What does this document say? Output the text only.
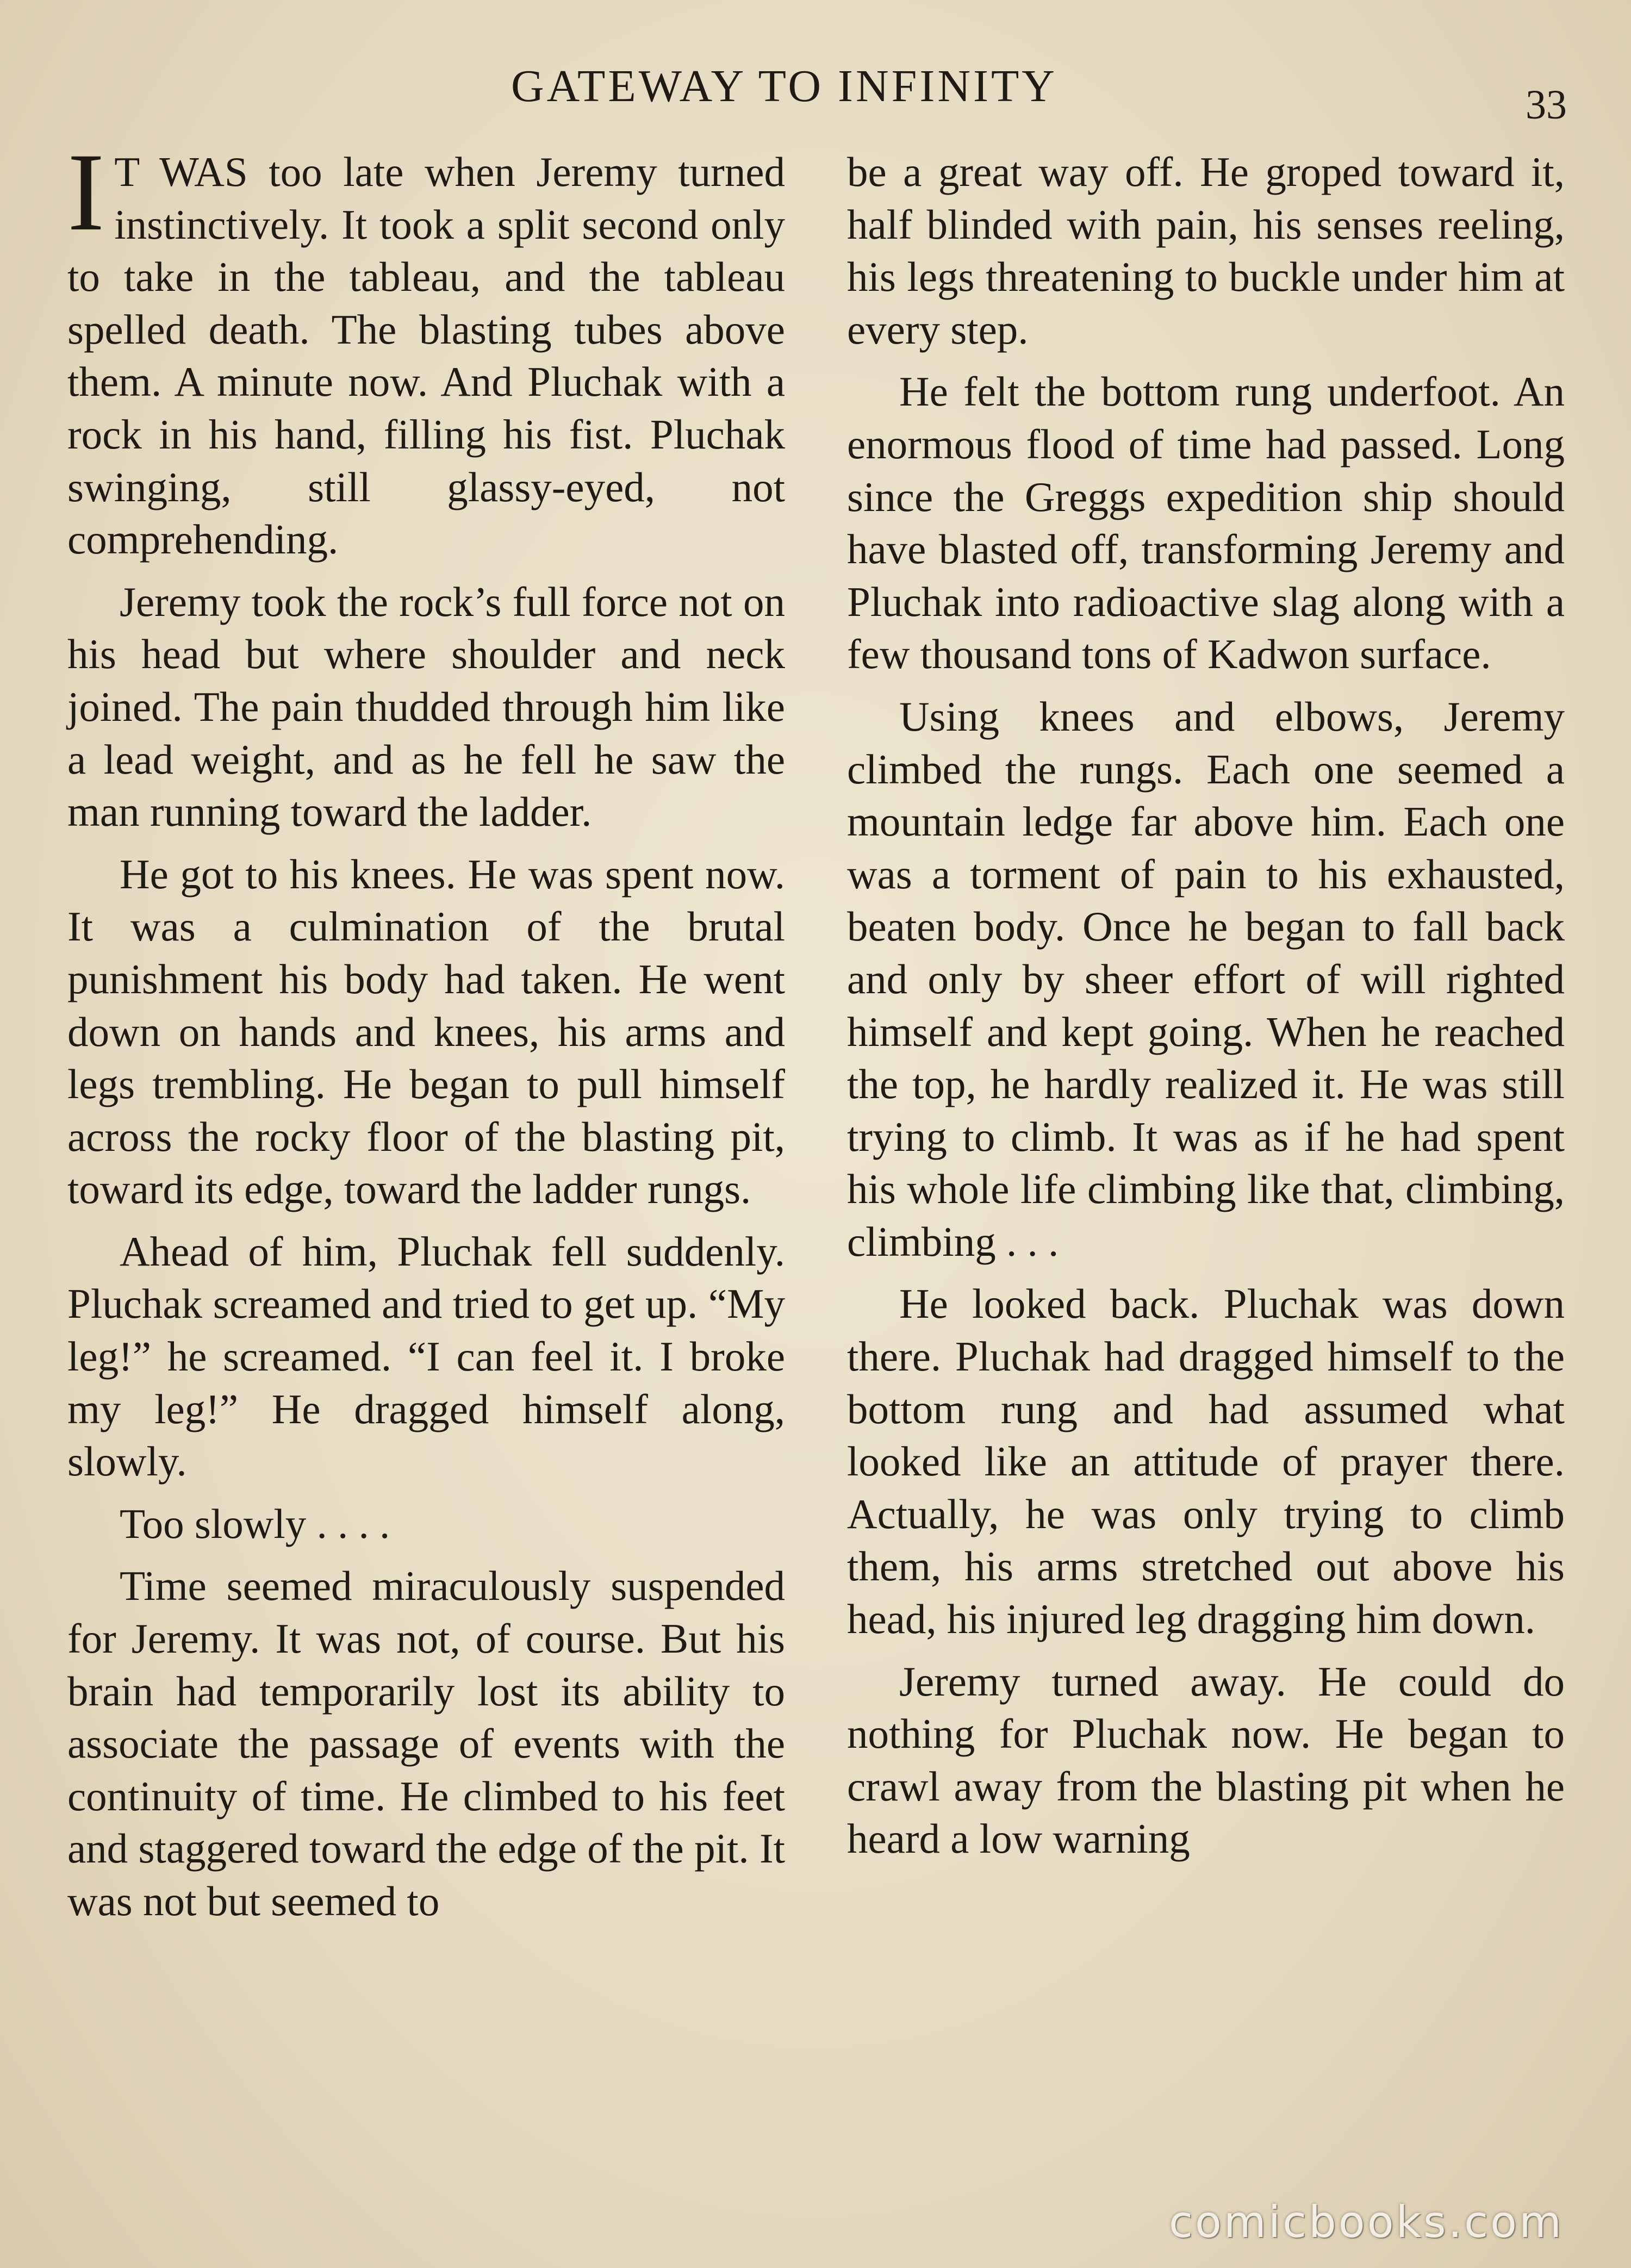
GATEWAY TO INFINITY	33

I T WAS too late when Jeremy turned instinctively. It took a split second only to take in the tableau, and the tableau spelled death. The blasting tubes above them. A minute now. And Pluchak with a rock in his hand, filling his fist. Pluchak swinging, still glassy-eyed, not comprehending.

Jeremy took the rock’s full force not on his head but where shoulder and neck joined. The pain thudded through him like a lead weight, and as he fell he saw the man running toward the ladder.

He got to his knees. He was spent now. It was a culmination of the brutal punishment his body had taken. He went down on hands and knees, his arms and legs trembling. He began to pull himself across the rocky floor of the blasting pit, toward its edge, toward the ladder rungs.

Ahead of him, Pluchak fell suddenly. Pluchak screamed and tried to get up. “My leg!” he screamed. “I can feel it. I broke my leg!” He dragged himself along, slowly.

Too slowly . . . .

Time seemed miraculously suspended for Jeremy. It was not, of course. But his brain had temporarily lost its ability to associate the passage of events with the continuity of time. He climbed to his feet and staggered toward the edge of the pit. It was not but seemed to

be a great way off. He groped toward it, half blinded with pain, his senses reeling, his legs threatening to buckle under him at every step.

He felt the bottom rung underfoot. An enormous flood of time had passed. Long since the Greggs expedition ship should have blasted off, transforming Jeremy and Pluchak into radioactive slag along with a few thousand tons of Kadwon surface.

Using knees and elbows, Jeremy climbed the rungs. Each one seemed a mountain ledge far above him. Each one was a torment of pain to his exhausted, beaten body. Once he began to fall back and only by sheer effort of will righted himself and kept going. When he reached the top, he hardly realized it. He was still trying to climb. It was as if he had spent his whole life climbing like that, climbing, climbing . . .

He looked back. Pluchak was down there. Pluchak had dragged himself to the bottom rung and had assumed what looked like an attitude of prayer there. Actually, he was only trying to climb them, his arms stretched out above his head, his injured leg dragging him down.

Jeremy turned away. He could do nothing for Pluchak now. He began to crawl away from the blasting pit when he heard a low warning

comicbooks.com
